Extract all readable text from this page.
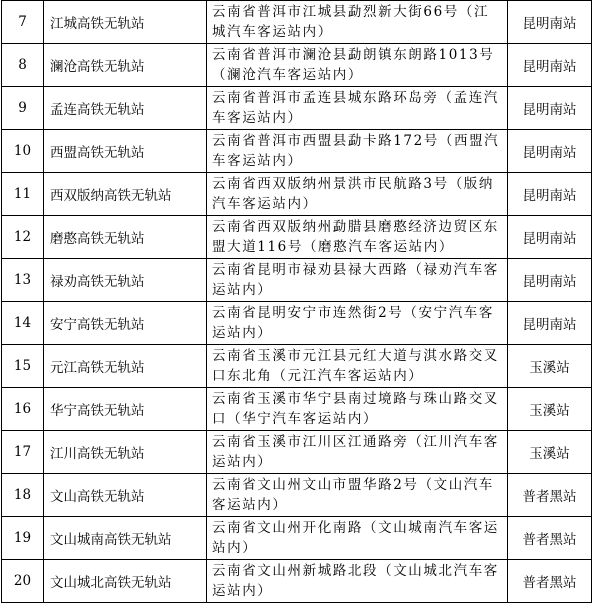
7	江城高铁无轨站	云南省普洱市江城县勐烈新大街66号（江城汽车客运站内）	昆明南站
8	澜沧高铁无轨站	云南省普洱市澜沧县勐朗镇东朗路1013号（澜沧汽车客运站内）	昆明南站
9	孟连高铁无轨站	云南省普洱市孟连县城东路环岛旁（孟连汽车客运站内）	昆明南站
10	西盟高铁无轨站	云南省普洱市西盟县勐卡路172号（西盟汽车客运站内）	昆明南站
11	西双版纳高铁无轨站	云南省西双版纳州景洪市民航路3号（版纳汽车客运站内）	昆明南站
12	磨憨高铁无轨站	云南省西双版纳州勐腊县磨憨经济边贸区东盟大道116号（磨憨汽车客运站内）	昆明南站
13	禄劝高铁无轨站	云南省昆明市禄劝县禄大西路（禄劝汽车客运站内）	昆明南站
14	安宁高铁无轨站	云南省昆明安宁市连然街2号（安宁汽车客运站内）	昆明南站
15	元江高铁无轨站	云南省玉溪市元江县元红大道与淇水路交叉口东北角（元江汽车客运站内）	玉溪站
16	华宁高铁无轨站	云南省玉溪市华宁县南过境路与珠山路交叉口（华宁汽车客运站内）	玉溪站
17	江川高铁无轨站	云南省玉溪市江川区江通路旁（江川汽车客运站内）	玉溪站
18	文山高铁无轨站	云南省文山州文山市盟华路2号（文山汽车客运站内）	普者黑站
19	文山城南高铁无轨站	云南省文山州开化南路（文山城南汽车客运站内）	普者黑站
20	文山城北高铁无轨站	云南省文山州新城路北段（文山城北汽车客运站内）	普者黑站
